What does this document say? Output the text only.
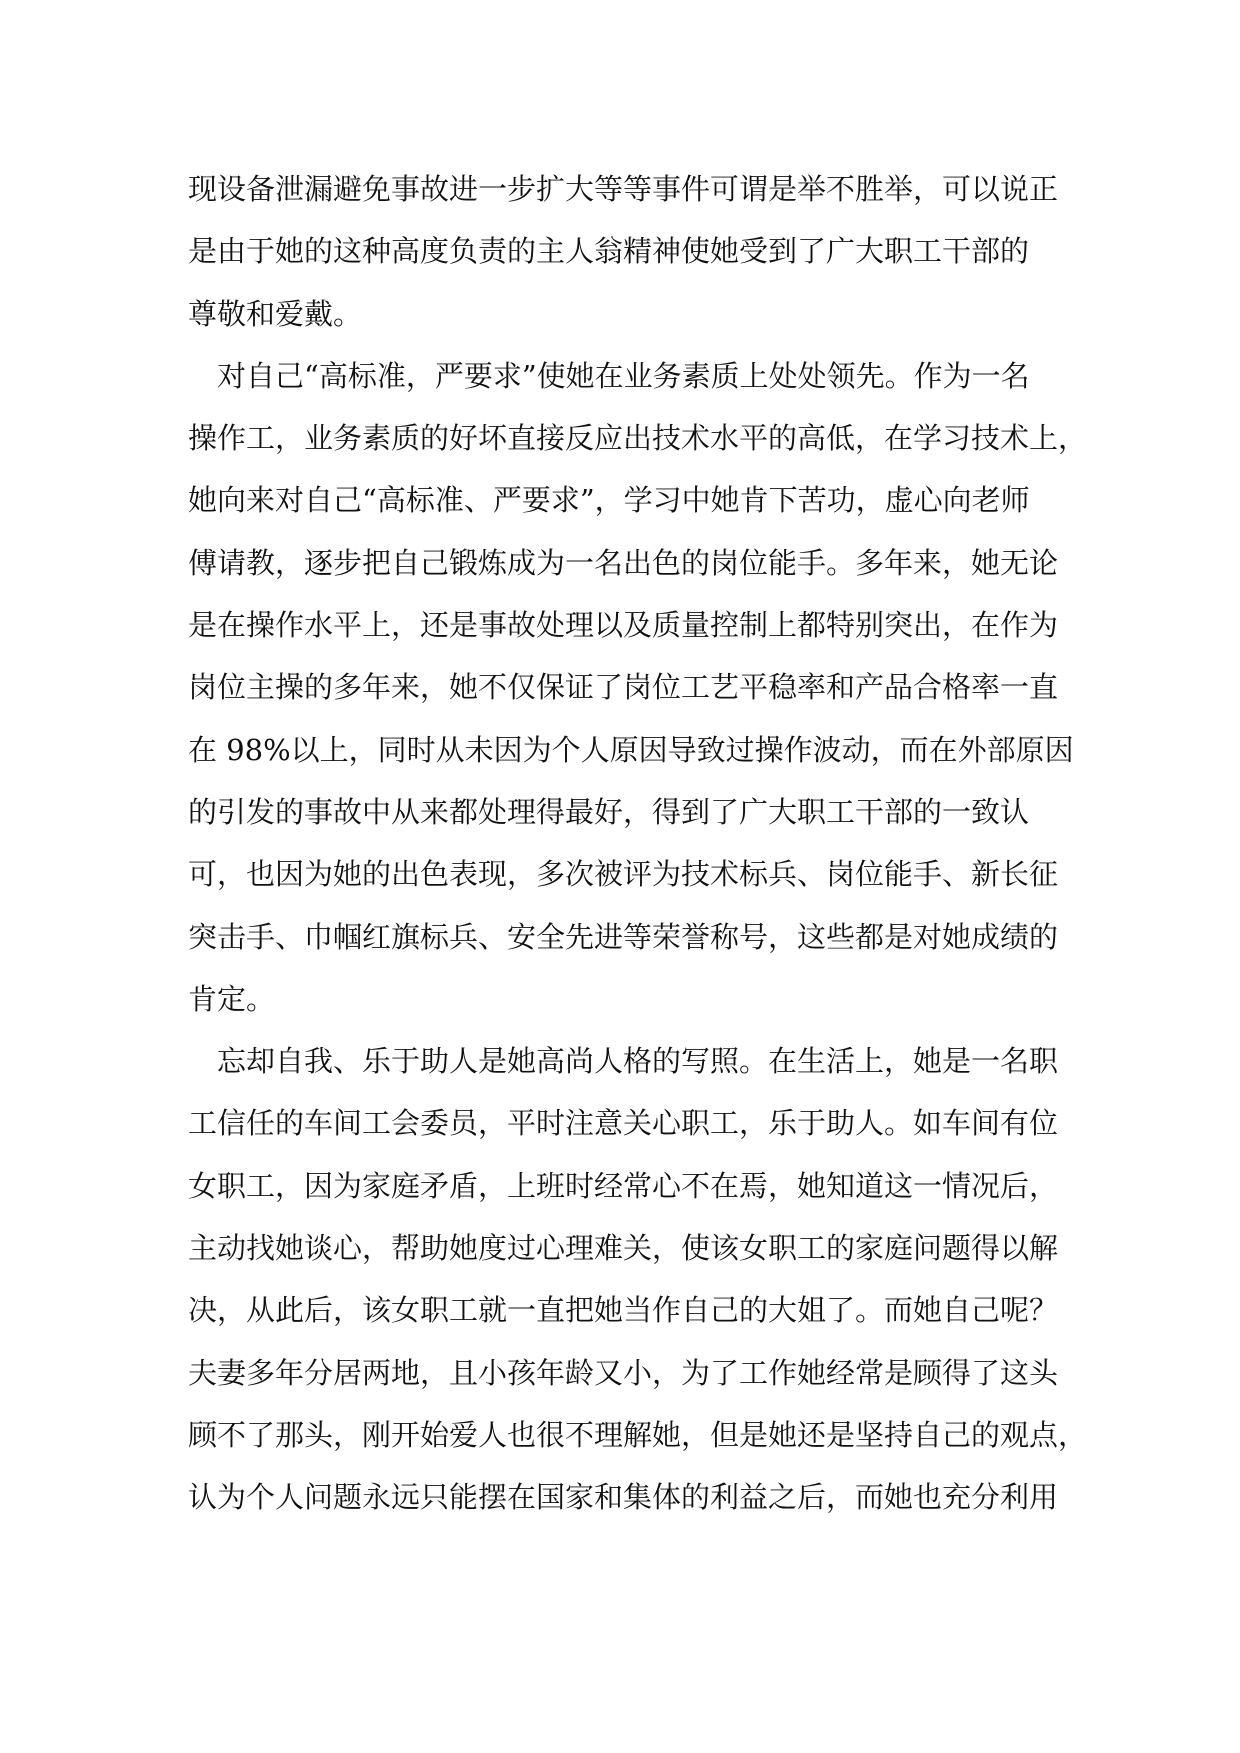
现设备泄漏避免事故进一步扩大等等事件可谓是举不胜举，可以说正

是由于她的这种高度负责的主人翁精神使她受到了广大职工干部的

尊敬和爱戴。

　对自己“高标准，严要求”使她在业务素质上处处领先。作为一名

操作工，业务素质的好坏直接反应出技术水平的高低，在学习技术上，

她向来对自己“高标准、严要求”，学习中她肯下苦功，虚心向老师

傅请教，逐步把自己锻炼成为一名出色的岗位能手。多年来，她无论

是在操作水平上，还是事故处理以及质量控制上都特别突出，在作为

岗位主操的多年来，她不仅保证了岗位工艺平稳率和产品合格率一直

在 98%以上，同时从未因为个人原因导致过操作波动，而在外部原因

的引发的事故中从来都处理得最好，得到了广大职工干部的一致认

可，也因为她的出色表现，多次被评为技术标兵、岗位能手、新长征

突击手、巾帼红旗标兵、安全先进等荣誉称号，这些都是对她成绩的

肯定。

　忘却自我、乐于助人是她高尚人格的写照。在生活上，她是一名职

工信任的车间工会委员，平时注意关心职工，乐于助人。如车间有位

女职工，因为家庭矛盾，上班时经常心不在焉，她知道这一情况后，

主动找她谈心，帮助她度过心理难关，使该女职工的家庭问题得以解

决，从此后，该女职工就一直把她当作自己的大姐了。而她自己呢？

夫妻多年分居两地，且小孩年龄又小，为了工作她经常是顾得了这头

顾不了那头，刚开始爱人也很不理解她，但是她还是坚持自己的观点，

认为个人问题永远只能摆在国家和集体的利益之后，而她也充分利用
